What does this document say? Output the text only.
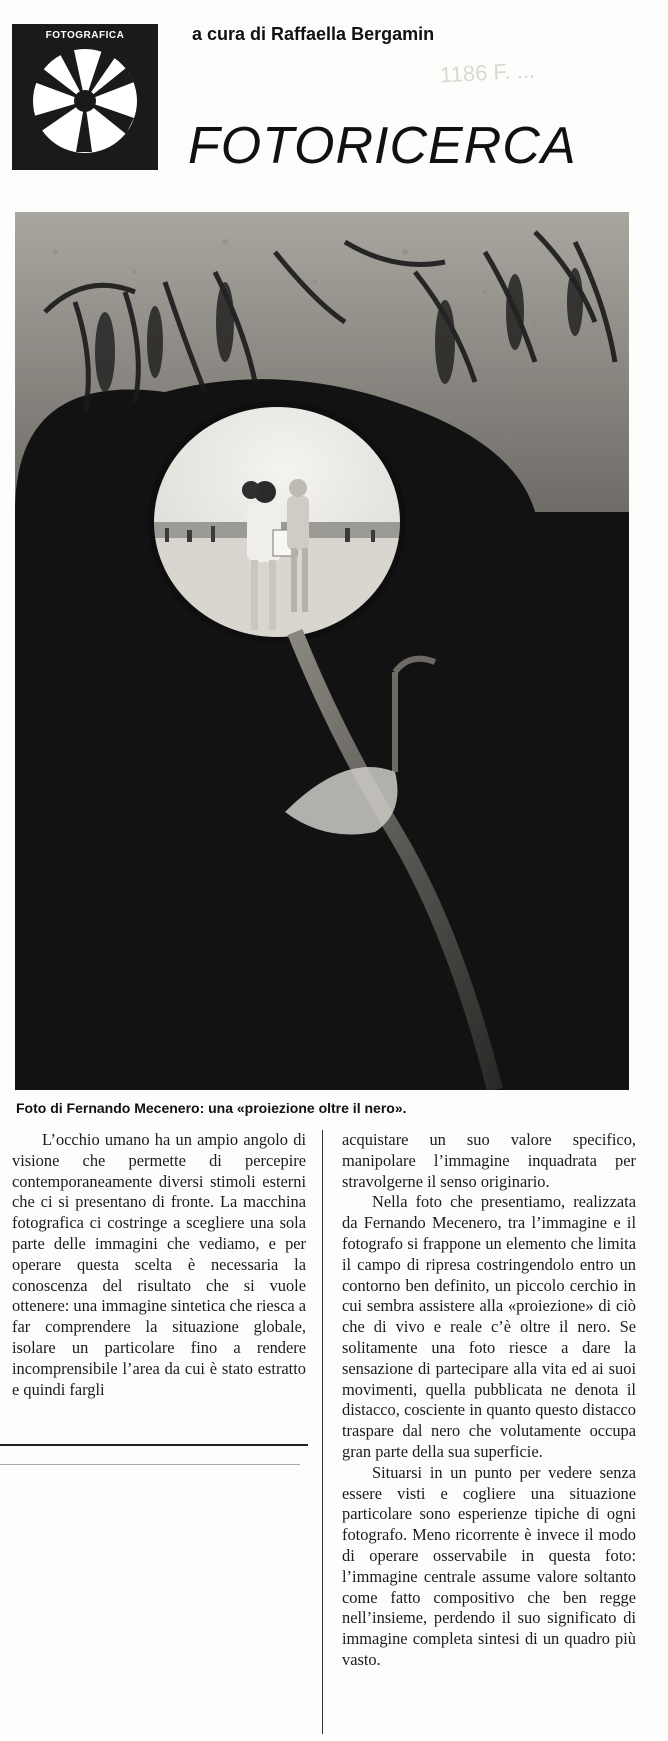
1186 F. ...
FOTOGRAFICA	a cura di Raffaella Bergamin
FOTORICERCA
Foto di Fernando Mecenero: una «proiezione oltre il nero».

L’occhio umano ha un ampio angolo di visione che permette di percepire contemporaneamente diversi stimoli esterni che ci si presentano di fronte. La macchina fotografica ci costringe a scegliere una sola parte delle immagini che vediamo, e per operare questa scelta è necessaria la conoscenza del risultato che si vuole ottenere: una immagine sintetica che riesca a far comprendere la situazione globale, isolare un particolare fino a rendere incomprensibile l’area da cui è stato estratto e quindi fargli

acquistare un suo valore specifico, manipolare l’immagine inquadrata per stravolgerne il senso originario.

Nella foto che presentiamo, realizzata da Fernando Mecenero, tra l’immagine e il fotografo si frappone un elemento che limita il campo di ripresa costringendolo entro un contorno ben definito, un piccolo cerchio in cui sembra assistere alla «proiezione» di ciò che di vivo e reale c’è oltre il nero. Se solitamente una foto riesce a dare la sensazione di partecipare alla vita ed ai suoi movimenti, quella pubblicata ne denota il distacco, cosciente in quanto questo distacco traspare dal nero che volutamente occupa gran parte della sua superficie.

Situarsi in un punto per vedere senza essere visti e cogliere una situazione particolare sono esperienze tipiche di ogni fotografo. Meno ricorrente è invece il modo di operare osservabile in questa foto: l’immagine centrale assume valore soltanto come fatto compositivo che ben regge nell’insieme, perdendo il suo significato di immagine completa sintesi di un quadro più vasto.
